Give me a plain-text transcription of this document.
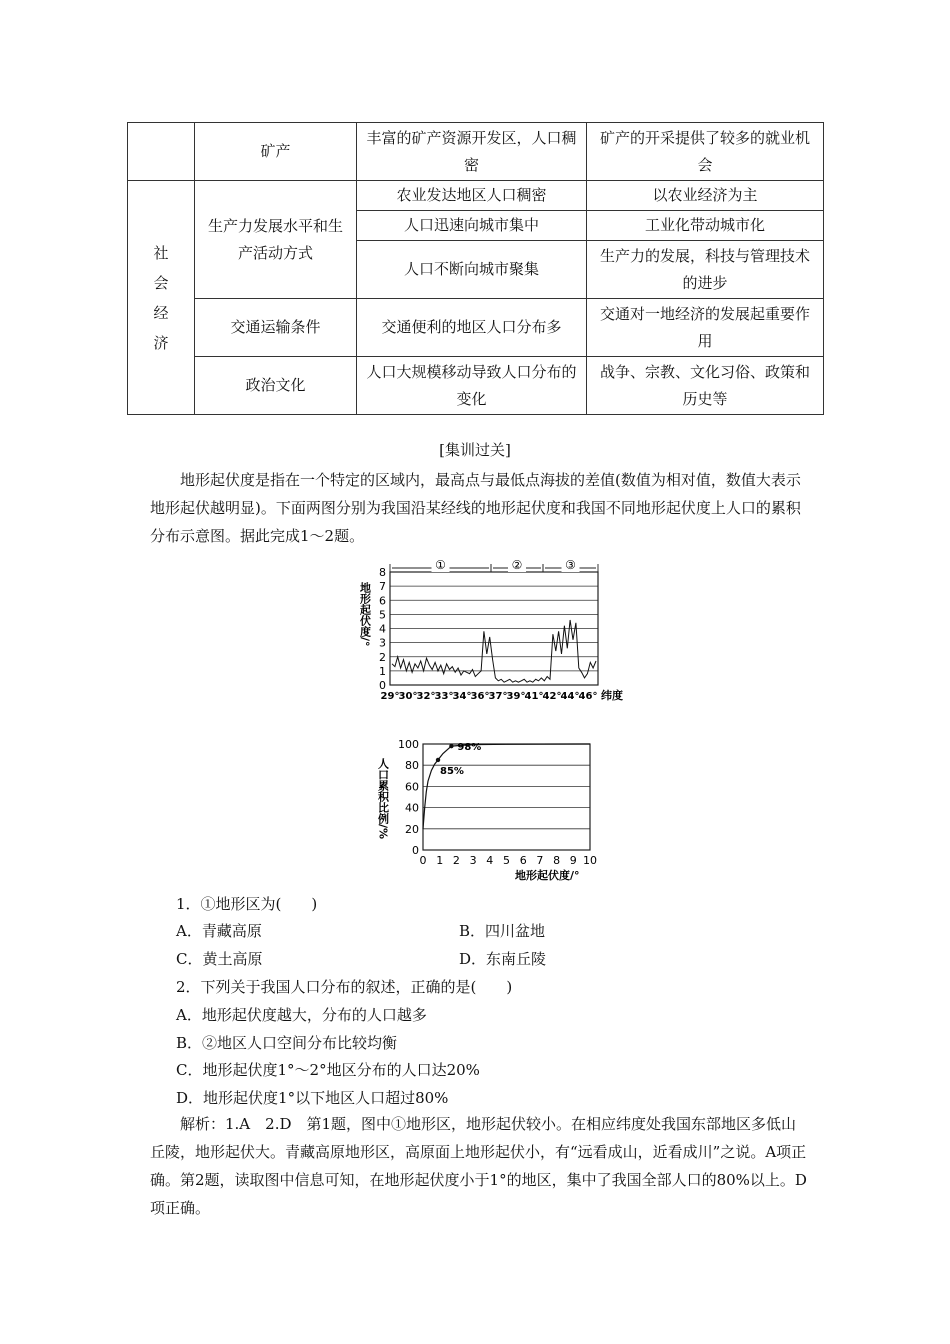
	矿产	丰富的矿产资源开发区，人口稠密	矿产的开采提供了较多的就业机会

社
会
经
济	生产力发展水平和生产活动方式	农业发达地区人口稠密	以农业经济为主
		人口迅速向城市集中	工业化带动城市化
		人口不断向城市聚集	生产力的发展，科技与管理技术的进步
	交通运输条件	交通便利的地区人口分布多	交通对一地经济的发展起重要作用
	政治文化	人口大规模移动导致人口分布的变化	战争、宗教、文化习俗、政策和历史等
[集训过关]
地形起伏度是指在一个特定的区域内，最高点与最低点海拔的差值(数值为相对值，数值大表示地形起伏越明显)。下面两图分别为我国沿某经线的地形起伏度和我国不同地形起伏度上人口的累积分布示意图。据此完成1～2题。
0
1
2
3
4
5
6
7
8
地形起伏度/°
29° 30° 32° 33° 34° 36° 37° 39° 41° 42° 44° 46° 纬度
①	②	③
0
20
40
60
80
100
0 1 2 3 4 5 6 7 8 9 10
地形起伏度/°
人口累积比例/%	85%
98%
1．①地形区为(　　)
A．青藏高原	B．四川盆地
C．黄土高原	D．东南丘陵
2．下列关于我国人口分布的叙述，正确的是(　　)
A．地形起伏度越大，分布的人口越多
B．②地区人口空间分布比较均衡
C．地形起伏度1°～2°地区分布的人口达20%
D．地形起伏度1°以下地区人口超过80%
解析：1.A　2.D　第1题，图中①地形区，地形起伏较小。在相应纬度处我国东部地区多低山丘陵，地形起伏大。青藏高原地形区，高原面上地形起伏小，有“远看成山，近看成川”之说。A项正确。第2题，读取图中信息可知，在地形起伏度小于1°的地区，集中了我国全部人口的80%以上。D项正确。
